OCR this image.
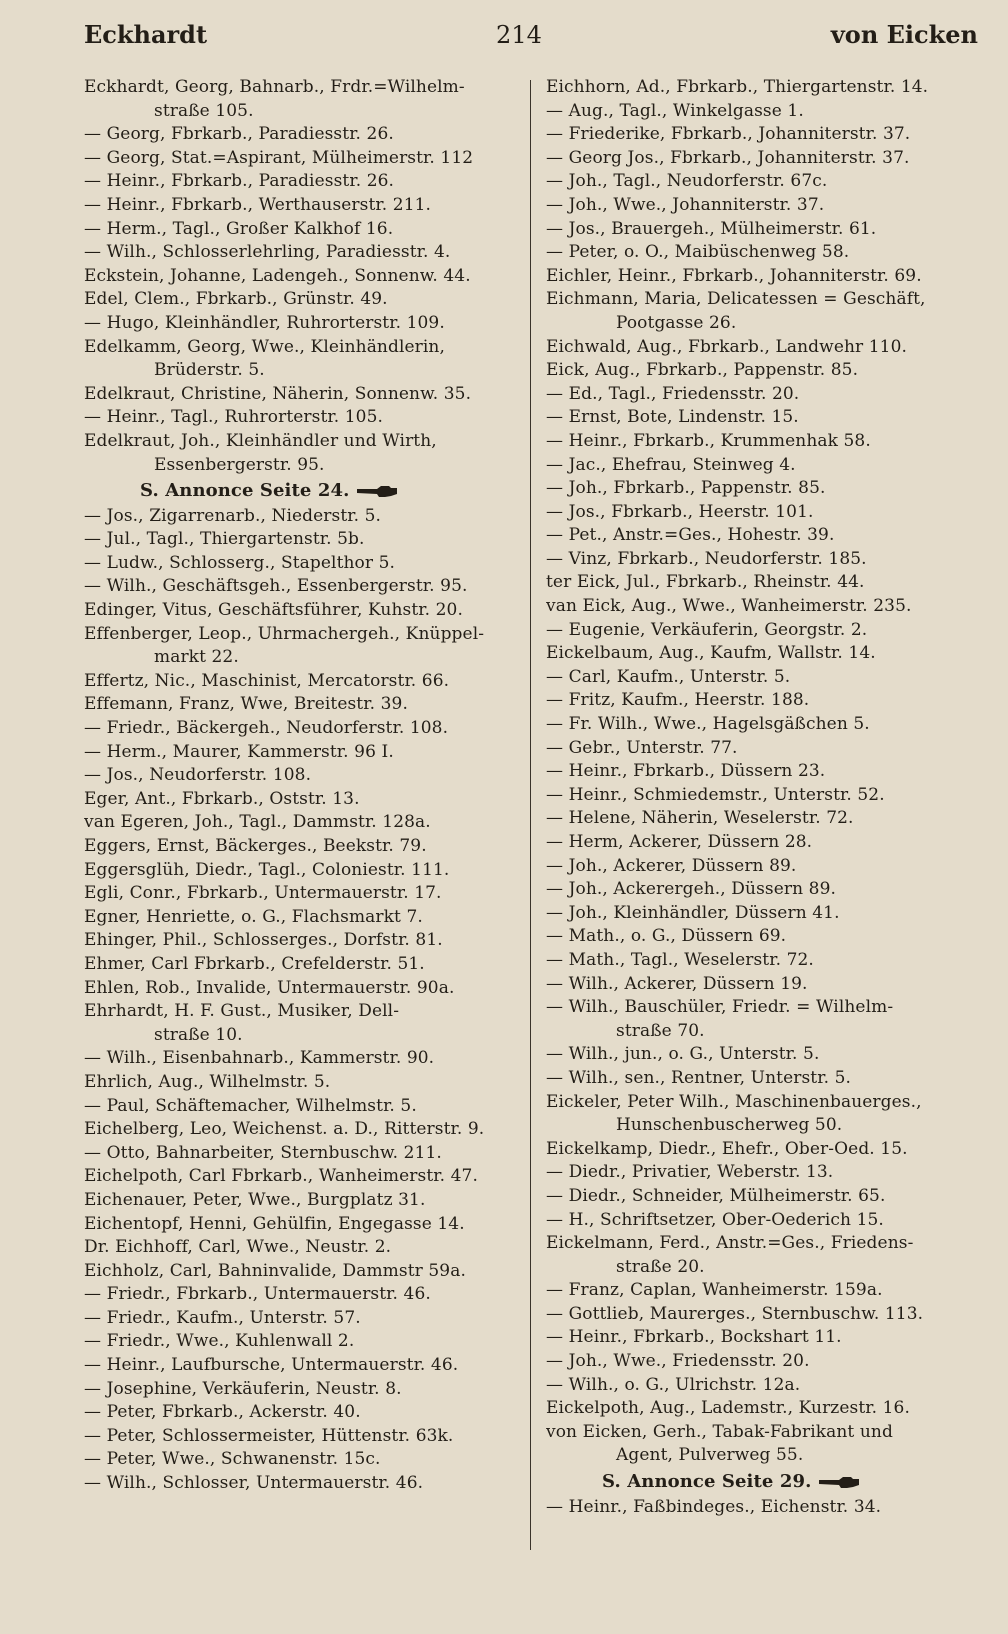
Eckhardt	214	von Eicken
Eckhardt, Georg, Bahnarb., Frdr.=Wilhelm-
straße 105.
— Georg, Fbrkarb., Paradiesstr. 26.
— Georg, Stat.=Aspirant, Mülheimerstr. 112
— Heinr., Fbrkarb., Paradiesstr. 26.
— Heinr., Fbrkarb., Werthauserstr. 211.
— Herm., Tagl., Großer Kalkhof 16.
— Wilh., Schlosserlehrling, Paradiesstr. 4.
Eckstein, Johanne, Ladengeh., Sonnenw. 44.
Edel, Clem., Fbrkarb., Grünstr. 49.
— Hugo, Kleinhändler, Ruhrorterstr. 109.
Edelkamm, Georg, Wwe., Kleinhändlerin,
Brüderstr. 5.
Edelkraut, Christine, Näherin, Sonnenw. 35.
— Heinr., Tagl., Ruhrorterstr. 105.
Edelkraut, Joh., Kleinhändler und Wirth,
Essenbergerstr. 95.
S. Annonce Seite 24.
— Jos., Zigarrenarb., Niederstr. 5.
— Jul., Tagl., Thiergartenstr. 5b.
— Ludw., Schlosserg., Stapelthor 5.
— Wilh., Geschäftsgeh., Essenbergerstr. 95.
Edinger, Vitus, Geschäftsführer, Kuhstr. 20.
Effenberger, Leop., Uhrmachergeh., Knüppel-
markt 22.
Effertz, Nic., Maschinist, Mercatorstr. 66.
Effemann, Franz, Wwe, Breitestr. 39.
— Friedr., Bäckergeh., Neudorferstr. 108.
— Herm., Maurer, Kammerstr. 96 I.
— Jos., Neudorferstr. 108.
Eger, Ant., Fbrkarb., Oststr. 13.
van Egeren, Joh., Tagl., Dammstr. 128a.
Eggers, Ernst, Bäckerges., Beekstr. 79.
Eggersglüh, Diedr., Tagl., Coloniestr. 111.
Egli, Conr., Fbrkarb., Untermauerstr. 17.
Egner, Henriette, o. G., Flachsmarkt 7.
Ehinger, Phil., Schlosserges., Dorfstr. 81.
Ehmer, Carl Fbrkarb., Crefelderstr. 51.
Ehlen, Rob., Invalide, Untermauerstr. 90a.
Ehrhardt, H. F. Gust., Musiker, Dell-
straße 10.
— Wilh., Eisenbahnarb., Kammerstr. 90.
Ehrlich, Aug., Wilhelmstr. 5.
— Paul, Schäftemacher, Wilhelmstr. 5.
Eichelberg, Leo, Weichenst. a. D., Ritterstr. 9.
— Otto, Bahnarbeiter, Sternbuschw. 211.
Eichelpoth, Carl Fbrkarb., Wanheimerstr. 47.
Eichenauer, Peter, Wwe., Burgplatz 31.
Eichentopf, Henni, Gehülfin, Engegasse 14.
Dr. Eichhoff, Carl, Wwe., Neustr. 2.
Eichholz, Carl, Bahninvalide, Dammstr 59a.
— Friedr., Fbrkarb., Untermauerstr. 46.
— Friedr., Kaufm., Unterstr. 57.
— Friedr., Wwe., Kuhlenwall 2.
— Heinr., Laufbursche, Untermauerstr. 46.
— Josephine, Verkäuferin, Neustr. 8.
— Peter, Fbrkarb., Ackerstr. 40.
— Peter, Schlossermeister, Hüttenstr. 63k.
— Peter, Wwe., Schwanenstr. 15c.
— Wilh., Schlosser, Untermauerstr. 46.
Eichhorn, Ad., Fbrkarb., Thiergartenstr. 14.
— Aug., Tagl., Winkelgasse 1.
— Friederike, Fbrkarb., Johanniterstr. 37.
— Georg Jos., Fbrkarb., Johanniterstr. 37.
— Joh., Tagl., Neudorferstr. 67c.
— Joh., Wwe., Johanniterstr. 37.
— Jos., Brauergeh., Mülheimerstr. 61.
— Peter, o. O., Maibüschenweg 58.
Eichler, Heinr., Fbrkarb., Johanniterstr. 69.
Eichmann, Maria, Delicatessen = Geschäft,
Pootgasse 26.
Eichwald, Aug., Fbrkarb., Landwehr 110.
Eick, Aug., Fbrkarb., Pappenstr. 85.
— Ed., Tagl., Friedensstr. 20.
— Ernst, Bote, Lindenstr. 15.
— Heinr., Fbrkarb., Krummenhak 58.
— Jac., Ehefrau, Steinweg 4.
— Joh., Fbrkarb., Pappenstr. 85.
— Jos., Fbrkarb., Heerstr. 101.
— Pet., Anstr.=Ges., Hohestr. 39.
— Vinz, Fbrkarb., Neudorferstr. 185.
ter Eick, Jul., Fbrkarb., Rheinstr. 44.
van Eick, Aug., Wwe., Wanheimerstr. 235.
— Eugenie, Verkäuferin, Georgstr. 2.
Eickelbaum, Aug., Kaufm, Wallstr. 14.
— Carl, Kaufm., Unterstr. 5.
— Fritz, Kaufm., Heerstr. 188.
— Fr. Wilh., Wwe., Hagelsgäßchen 5.
— Gebr., Unterstr. 77.
— Heinr., Fbrkarb., Düssern 23.
— Heinr., Schmiedemstr., Unterstr. 52.
— Helene, Näherin, Weselerstr. 72.
— Herm, Ackerer, Düssern 28.
— Joh., Ackerer, Düssern 89.
— Joh., Ackerergeh., Düssern 89.
— Joh., Kleinhändler, Düssern 41.
— Math., o. G., Düssern 69.
— Math., Tagl., Weselerstr. 72.
— Wilh., Ackerer, Düssern 19.
— Wilh., Bauschüler, Friedr. = Wilhelm-
straße 70.
— Wilh., jun., o. G., Unterstr. 5.
— Wilh., sen., Rentner, Unterstr. 5.
Eickeler, Peter Wilh., Maschinenbauerges.,
Hunschenbuscherweg 50.
Eickelkamp, Diedr., Ehefr., Ober-Oed. 15.
— Diedr., Privatier, Weberstr. 13.
— Diedr., Schneider, Mülheimerstr. 65.
— H., Schriftsetzer, Ober-Oederich 15.
Eickelmann, Ferd., Anstr.=Ges., Friedens-
straße 20.
— Franz, Caplan, Wanheimerstr. 159a.
— Gottlieb, Maurerges., Sternbuschw. 113.
— Heinr., Fbrkarb., Bockshart 11.
— Joh., Wwe., Friedensstr. 20.
— Wilh., o. G., Ulrichstr. 12a.
Eickelpoth, Aug., Lademstr., Kurzestr. 16.
von Eicken, Gerh., Tabak-Fabrikant und
Agent, Pulverweg 55.
S. Annonce Seite 29.
— Heinr., Faßbindeges., Eichenstr. 34.
